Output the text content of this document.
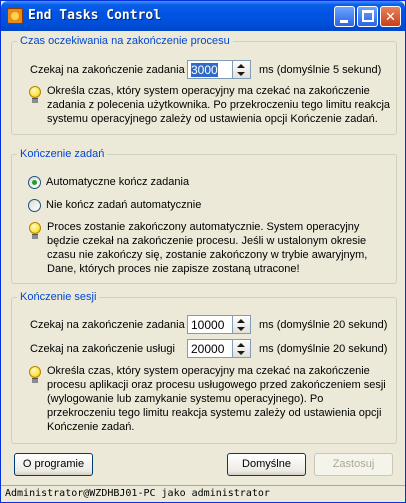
End Tasks Control	✕
Czas oczekiwania na zakończenie procesu
Czekaj na zakończenie zadania 3000	ms (domyślnie 5 sekund)
Określa czas, który system operacyjny ma czekać na zakończenie
zadania z polecenia użytkownika. Po przekroczeniu tego limitu reakcja
systemu operacyjnego zależy od ustawienia opcji Kończenie zadań.
Kończenie zadań
Automatyczne kończ zadania
Nie kończ zadań automatycznie
Proces zostanie zakończony automatycznie. System operacyjny
będzie czekał na zakończenie procesu. Jeśli w ustalonym okresie
czasu nie zakończy się, zostanie zakończony w trybie awaryjnym,
Dane, których proces nie zapisze zostaną utracone!
Kończenie sesji
Czekaj na zakończenie zadania 10000	ms (domyślnie 20 sekund)
Czekaj na zakończenie usługi	20000	ms (domyślnie 20 sekund)
Określa czas, który system operacyjny ma czekać na zakończenie
procesu aplikacji oraz procesu usługowego przed zakończeniem sesji
(wylogowanie lub zamykanie systemu operacyjnego). Po
przekroczeniu tego limitu reakcja systemu zależy od ustawienia opcji
Kończenie zadań.
O programie	Domyślne	Zastosuj
Administrator@WZDHBJ01-PC jako administrator
